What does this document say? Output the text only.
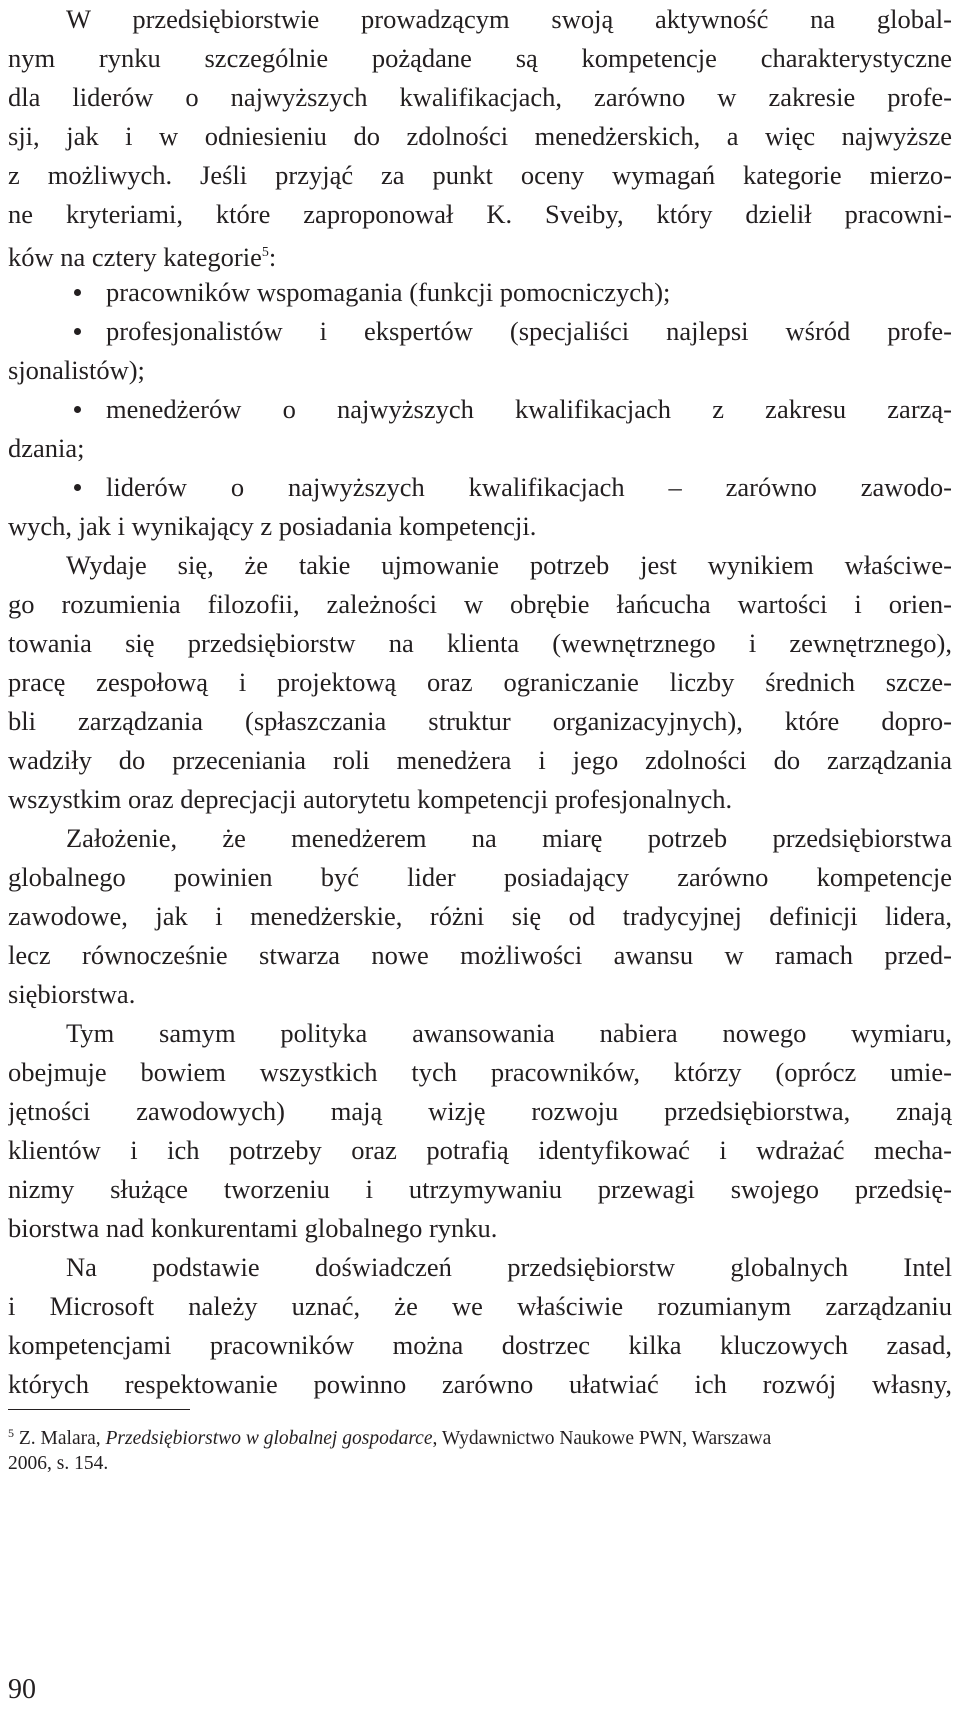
W przedsiębiorstwie prowadzącym swoją aktywność na global-
nym rynku szczególnie pożądane są kompetencje charakterystyczne
dla liderów o najwyższych kwalifikacjach, zarówno w zakresie profe-
sji, jak i w odniesieniu do zdolności menedżerskich, a więc najwyższe
z możliwych. Jeśli przyjąć za punkt oceny wymagań kategorie mierzo-
ne kryteriami, które zaproponował K. Sveiby, który dzielił pracowni-
ków na cztery kategorie$^5$:
pracowników wspomagania (funkcji pomocniczych);
profesjonalistów i ekspertów (specjaliści najlepsi wśród profe-
sjonalistów);
menedżerów o najwyższych kwalifikacjach z zakresu zarzą-
dzania;
liderów o najwyższych kwalifikacjach – zarówno zawodo-
wych, jak i wynikający z posiadania kompetencji.
Wydaje się, że takie ujmowanie potrzeb jest wynikiem właściwe-
go rozumienia filozofii, zależności w obrębie łańcucha wartości i orien-
towania się przedsiębiorstw na klienta (wewnętrznego i zewnętrznego),
pracę zespołową i projektową oraz ograniczanie liczby średnich szcze-
bli zarządzania (spłaszczania struktur organizacyjnych), które dopro-
wadziły do przeceniania roli menedżera i jego zdolności do zarządzania
wszystkim oraz deprecjacji autorytetu kompetencji profesjonalnych.
Założenie, że menedżerem na miarę potrzeb przedsiębiorstwa
globalnego powinien być lider posiadający zarówno kompetencje
zawodowe, jak i menedżerskie, różni się od tradycyjnej definicji lidera,
lecz równocześnie stwarza nowe możliwości awansu w ramach przed-
siębiorstwa.
Tym samym polityka awansowania nabiera nowego wymiaru,
obejmuje bowiem wszystkich tych pracowników, którzy (oprócz umie-
jętności zawodowych) mają wizję rozwoju przedsiębiorstwa, znają
klientów i ich potrzeby oraz potrafią identyfikować i wdrażać mecha-
nizmy służące tworzeniu i utrzymywaniu przewagi swojego przedsię-
biorstwa nad konkurentami globalnego rynku.
Na podstawie doświadczeń przedsiębiorstw globalnych Intel
i Microsoft należy uznać, że we właściwie rozumianym zarządzaniu
kompetencjami pracowników można dostrzec kilka kluczowych zasad,
których respektowanie powinno zarówno ułatwiać ich rozwój własny,
$^5$ Z. Malara, Przedsiębiorstwo w globalnej gospodarce, Wydawnictwo Naukowe PWN, Warszawa
2006, s. 154.
90
